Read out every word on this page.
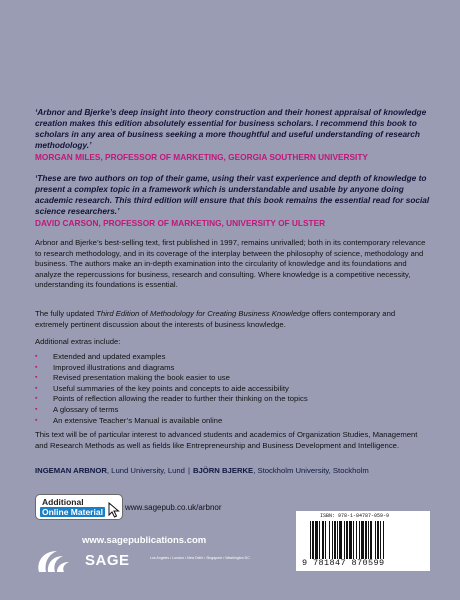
‘Arbnor and Bjerke’s deep insight into theory construction and their honest appraisal of knowledge creation makes this edition absolutely essential for business scholars. I recommend this book to scholars in any area of business seeking a more thoughtful and useful understanding of research methodology.’
MORGAN MILES, PROFESSOR OF MARKETING, GEORGIA SOUTHERN UNIVERSITY
‘These are two authors on top of their game, using their vast experience and depth of knowledge to present a complex topic in a framework which is understandable and usable by anyone doing academic research. This third edition will ensure that this book remains the essential read for social science researchers.’
DAVID CARSON, PROFESSOR OF MARKETING, UNIVERSITY OF ULSTER
Arbnor and Bjerke’s best-selling text, first published in 1997, remains unrivalled; both in its contemporary relevance to research methodology, and in its coverage of the interplay between the philosophy of science, methodology and business. The authors make an in-depth examination into the circularity of knowledge and its foundations and analyze the repercussions for business, research and consulting. Where knowledge is a competitive necessity, understanding its foundations is essential.
The fully updated Third Edition of Methodology for Creating Business Knowledge offers contemporary and extremely pertinent discussion about the interests of business knowledge.
Additional extras include:
▪ Extended and updated examples
▪ Improved illustrations and diagrams
▪ Revised presentation making the book easier to use
▪ Useful summaries of the key points and concepts to aide accessibility
▪ Points of reflection allowing the reader to further their thinking on the topics
▪ A glossary of terms
▪ An extensive Teacher’s Manual is available online
This text will be of particular interest to advanced students and academics of Organization Studies, Management and Research Methods as well as fields like Entrepreneurship and Business Development and Intelligence.
INGEMAN ARBNOR, Lund University, Lund | BJÖRN BJERKE, Stockholm University, Stockholm
Additional
Online Material	www.sagepub.co.uk/arbnor
www.sagepublications.com
SAGE	Los Angeles • London • New Delhi • Singapore • Washington DC
ISBN: 978-1-84787-059-9
9 781847 870599
